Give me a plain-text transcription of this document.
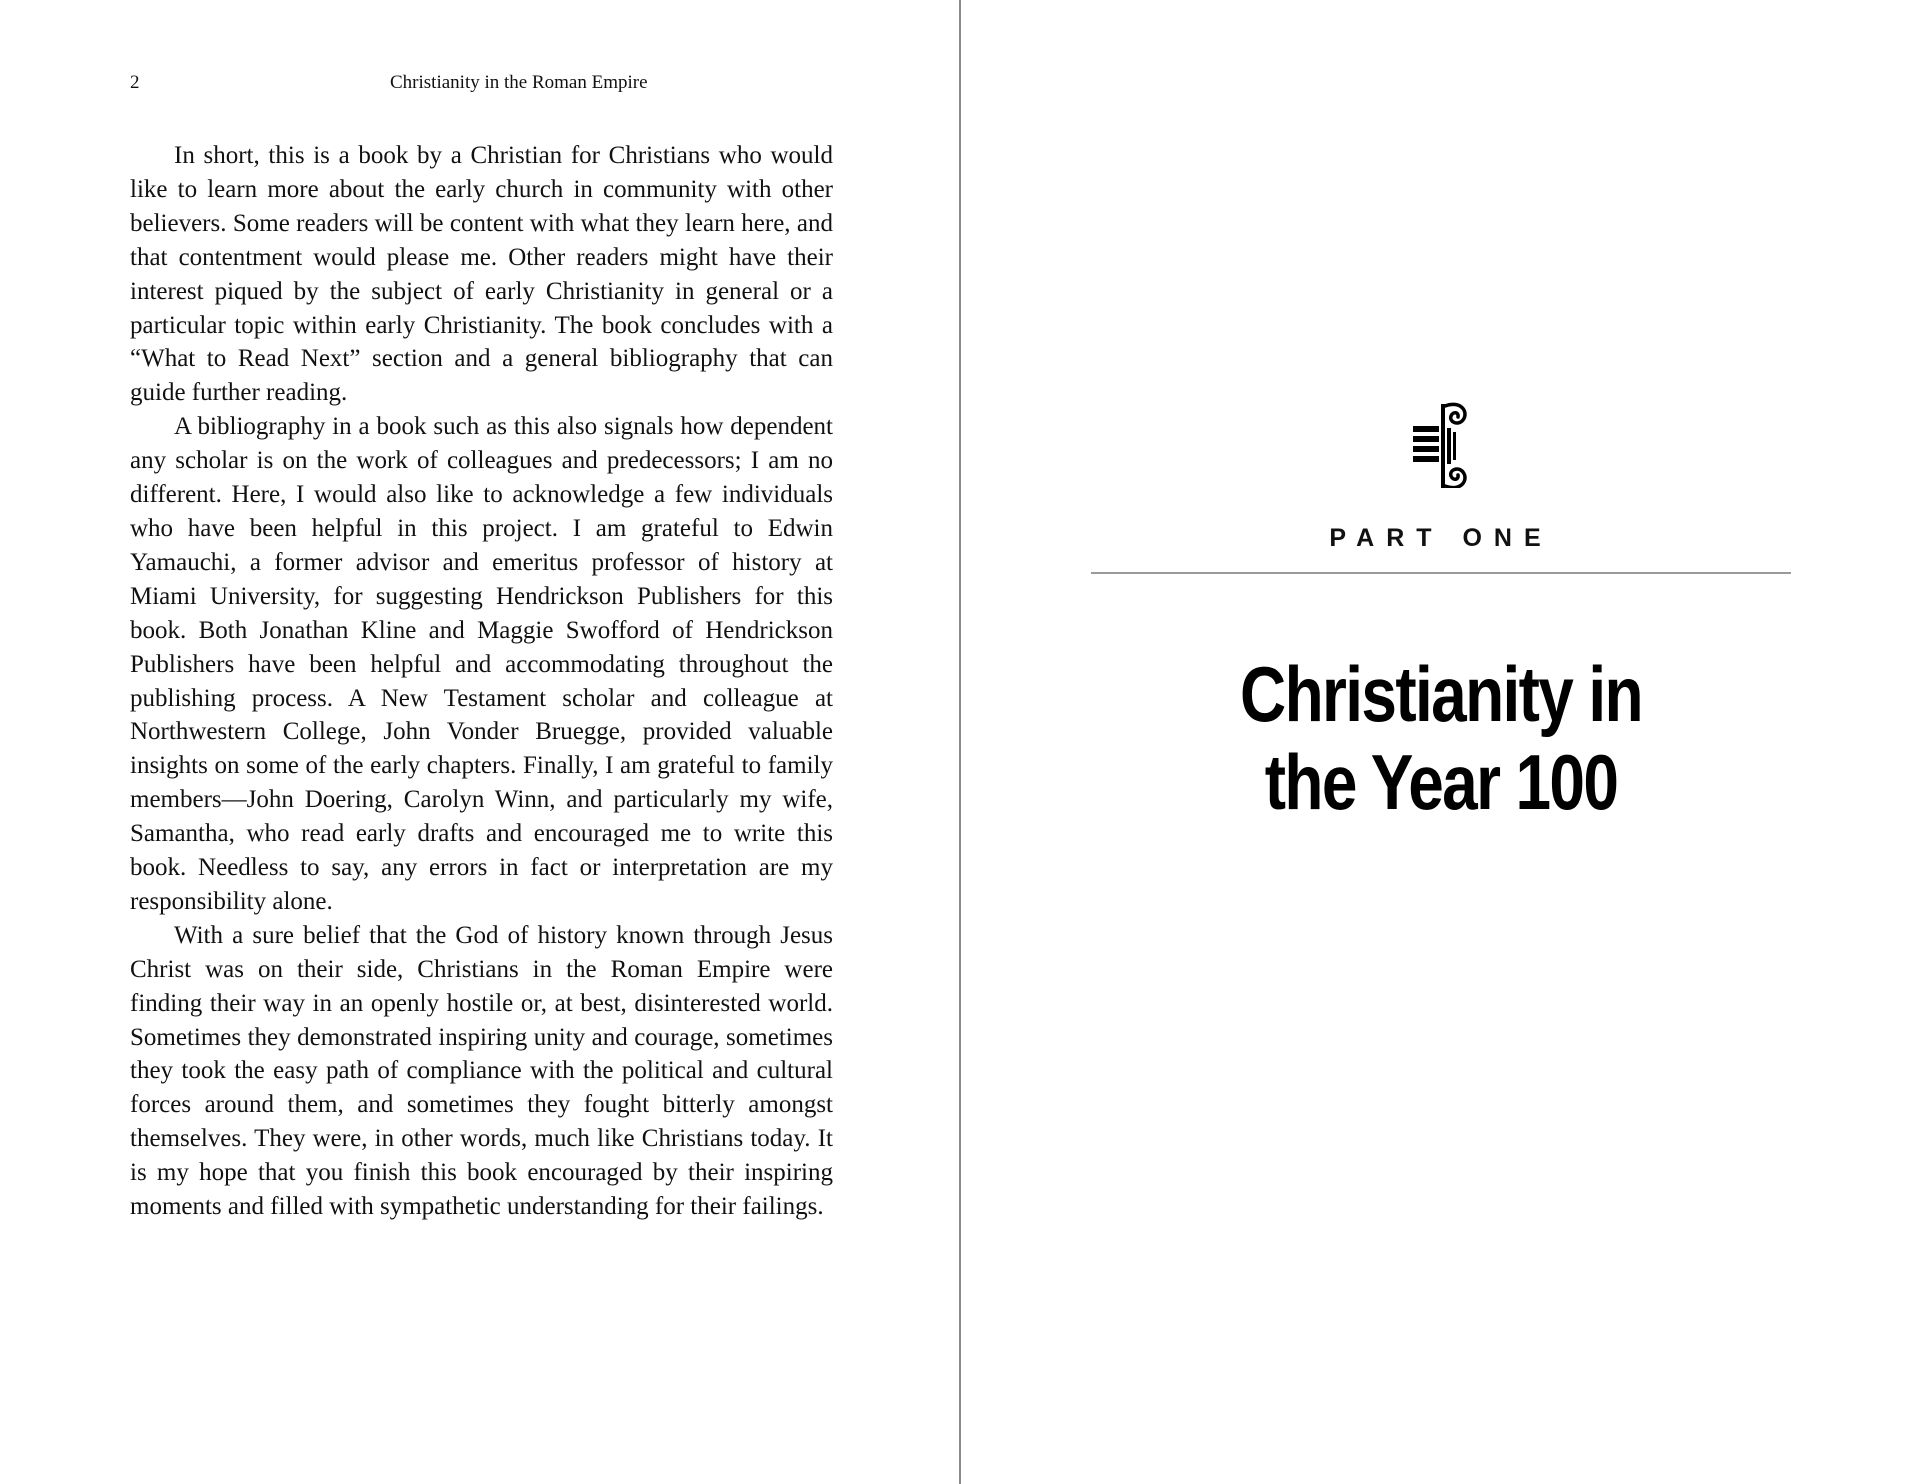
2	Christianity in the Roman Empire

In short, this is a book by a Christian for Christians who would like to learn more about the early church in community with other believers. Some readers will be content with what they learn here, and that contentment would please me. Other readers might have their interest piqued by the subject of early Christianity in general or a particular topic within early Christianity. The book concludes with a “What to Read Next” section and a general bibliography that can guide further reading.

A bibliography in a book such as this also signals how dependent any scholar is on the work of colleagues and predecessors; I am no different. Here, I would also like to acknowledge a few individuals who have been helpful in this project. I am grateful to Edwin Yamauchi, a former advisor and emeritus professor of history at Miami University, for suggesting Hendrickson Publishers for this book. Both Jonathan Kline and Maggie Swofford of Hendrickson Publishers have been helpful and accommodating throughout the publishing process. A New Testament scholar and colleague at Northwestern College, John Vonder Bruegge, provided valuable insights on some of the early chapters. Finally, I am grateful to family members—John Doering, Carolyn Winn, and particularly my wife, Samantha, who read early drafts and encouraged me to write this book. Needless to say, any errors in fact or interpretation are my responsibility alone.

With a sure belief that the God of history known through Jesus Christ was on their side, Christians in the Roman Empire were finding their way in an openly hostile or, at best, disinterested world. Sometimes they demonstrated inspiring unity and courage, sometimes they took the easy path of compliance with the political and cultural forces around them, and sometimes they fought bitterly amongst themselves. They were, in other words, much like Christians today. It is my hope that you finish this book encouraged by their inspiring moments and filled with sympathetic understanding for their failings.

PART ONE
Christianity in
the Year 100
